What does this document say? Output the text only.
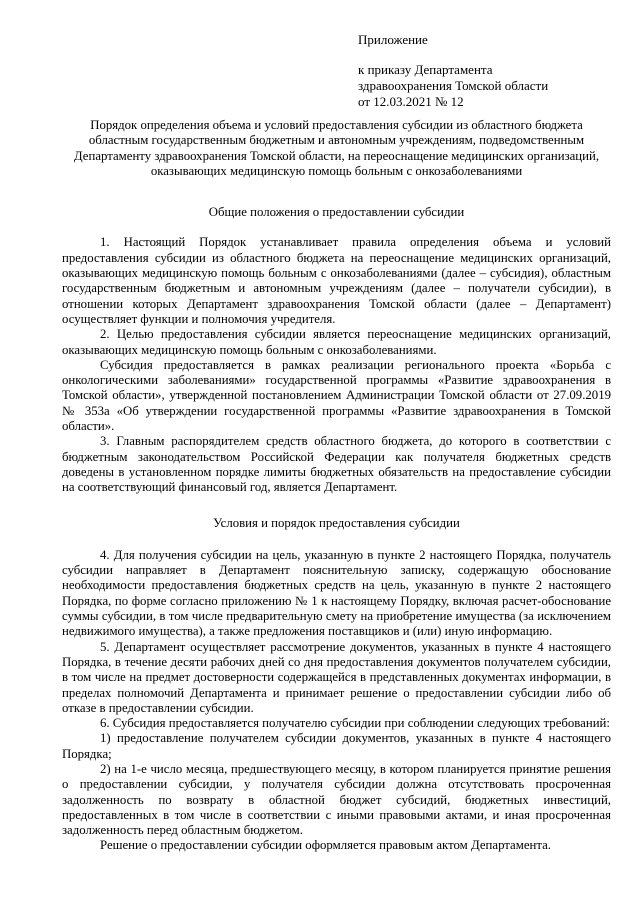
Приложение
к приказу Департамента
здравоохранения Томской области
от 12.03.2021 № 12

Порядок определения объема и условий предоставления субсидии из областного бюджета областным государственным бюджетным и автономным учреждениям, подведомственным Департаменту здравоохранения Томской области, на переоснащение медицинских организаций, оказывающих медицинскую помощь больным с онкозаболеваниями

Общие положения о предоставлении субсидии

1. Настоящий Порядок устанавливает правила определения объема и условий предоставления субсидии из областного бюджета на переоснащение медицинских организаций, оказывающих медицинскую помощь больным с онкозаболеваниями (далее – субсидия), областным государственным бюджетным и автономным учреждениям (далее – получатели субсидии), в отношении которых Департамент здравоохранения Томской области (далее – Департамент) осуществляет функции и полномочия учредителя.

2. Целью предоставления субсидии является переоснащение медицинских организаций, оказывающих медицинскую помощь больным с онкозаболеваниями.

Субсидия предоставляется в рамках реализации регионального проекта «Борьба с онкологическими заболеваниями» государственной программы «Развитие здравоохранения в Томской области», утвержденной постановлением Администрации Томской области от 27.09.2019 № 353а «Об утверждении государственной программы «Развитие здравоохранения в Томской области».

3. Главным распорядителем средств областного бюджета, до которого в соответствии с бюджетным законодательством Российской Федерации как получателя бюджетных средств доведены в установленном порядке лимиты бюджетных обязательств на предоставление субсидии на соответствующий финансовый год, является Департамент.

Условия и порядок предоставления субсидии

4. Для получения субсидии на цель, указанную в пункте 2 настоящего Порядка, получатель субсидии направляет в Департамент пояснительную записку, содержащую обоснование необходимости предоставления бюджетных средств на цель, указанную в пункте 2 настоящего Порядка, по форме согласно приложению № 1 к настоящему Порядку, включая расчет-обоснование суммы субсидии, в том числе предварительную смету на приобретение имущества (за исключением недвижимого имущества), а также предложения поставщиков и (или) иную информацию.

5. Департамент осуществляет рассмотрение документов, указанных в пункте 4 настоящего Порядка, в течение десяти рабочих дней со дня предоставления документов получателем субсидии, в том числе на предмет достоверности содержащейся в представленных документах информации, в пределах полномочий Департамента и принимает решение о предоставлении субсидии либо об отказе в предоставлении субсидии.

6. Субсидия предоставляется получателю субсидии при соблюдении следующих требований:

1) предоставление получателем субсидии документов, указанных в пункте 4 настоящего Порядка;

2) на 1-е число месяца, предшествующего месяцу, в котором планируется принятие решения о предоставлении субсидии, у получателя субсидии должна отсутствовать просроченная задолженность по возврату в областной бюджет субсидий, бюджетных инвестиций, предоставленных в том числе в соответствии с иными правовыми актами, и иная просроченная задолженность перед областным бюджетом.

Решение о предоставлении субсидии оформляется правовым актом Департамента.
